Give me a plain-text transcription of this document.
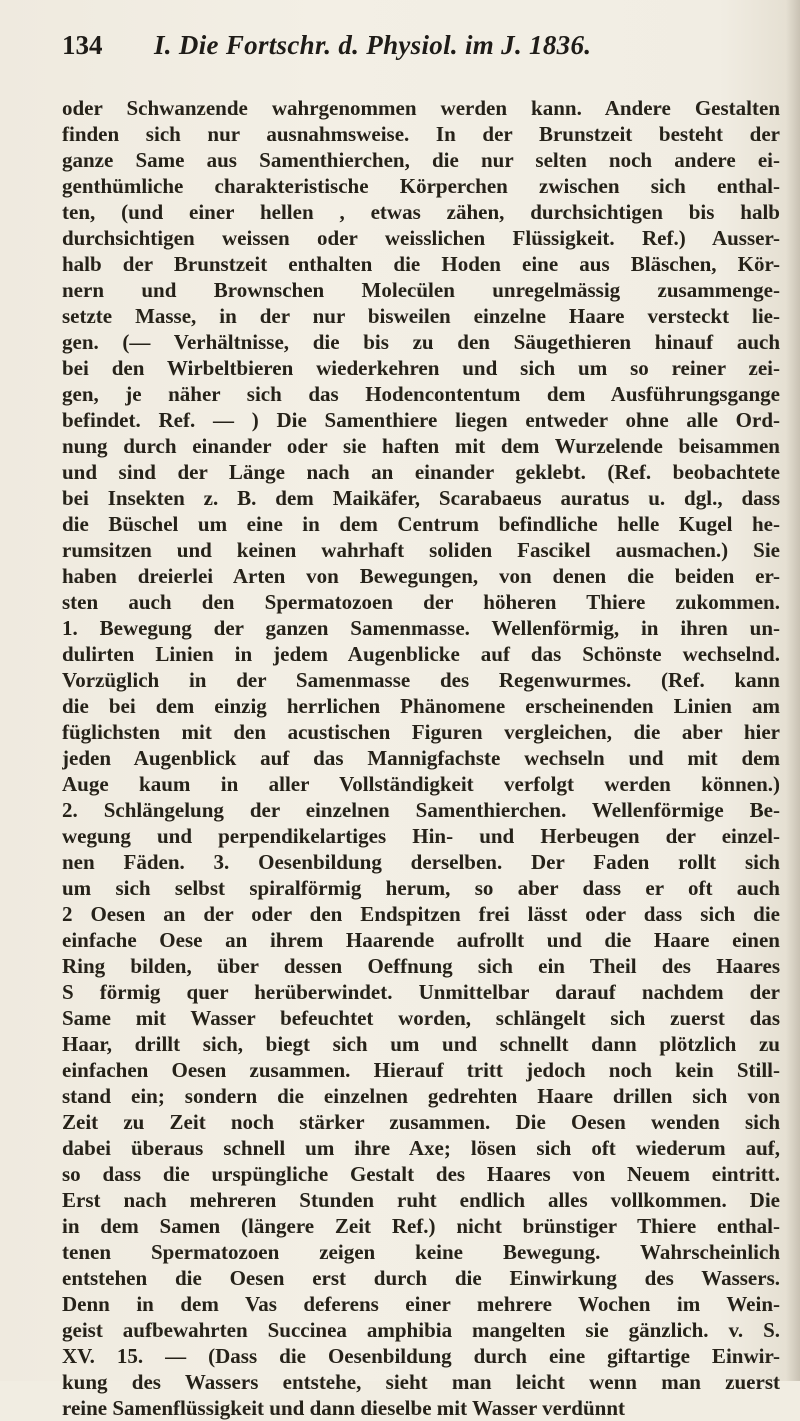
134 I. Die Fortschr. d. Physiol. im J. 1836.
oder Schwanzende wahrgenommen werden kann. Andere Gestalten
finden sich nur ausnahmsweise. In der Brunstzeit besteht der
ganze Same aus Samenthierchen, die nur selten noch andere ei-
genthümliche charakteristische Körperchen zwischen sich enthal-
ten, (und einer hellen , etwas zähen, durchsichtigen bis halb
durchsichtigen weissen oder weisslichen Flüssigkeit. Ref.) Ausser-
halb der Brunstzeit enthalten die Hoden eine aus Bläschen, Kör-
nern und Brownschen Molecülen unregelmässig zusammenge-
setzte Masse, in der nur bisweilen einzelne Haare versteckt lie-
gen. (— Verhältnisse, die bis zu den Säugethieren hinauf auch
bei den Wirbeltbieren wiederkehren und sich um so reiner zei-
gen, je näher sich das Hodencontentum dem Ausführungsgange
befindet. Ref. — ) Die Samenthiere liegen entweder ohne alle Ord-
nung durch einander oder sie haften mit dem Wurzelende beisammen
und sind der Länge nach an einander geklebt. (Ref. beobachtete
bei Insekten z. B. dem Maikäfer, Scarabaeus auratus u. dgl., dass
die Büschel um eine in dem Centrum befindliche helle Kugel he-
rumsitzen und keinen wahrhaft soliden Fascikel ausmachen.) Sie
haben dreierlei Arten von Bewegungen, von denen die beiden er-
sten auch den Spermatozoen der höheren Thiere zukommen.
1. Bewegung der ganzen Samenmasse. Wellenförmig, in ihren un-
dulirten Linien in jedem Augenblicke auf das Schönste wechselnd.
Vorzüglich in der Samenmasse des Regenwurmes. (Ref. kann
die bei dem einzig herrlichen Phänomene erscheinenden Linien am
füglichsten mit den acustischen Figuren vergleichen, die aber hier
jeden Augenblick auf das Mannigfachste wechseln und mit dem
Auge kaum in aller Vollständigkeit verfolgt werden können.)
2. Schlängelung der einzelnen Samenthierchen. Wellenförmige Be-
wegung und perpendikelartiges Hin- und Herbeugen der einzel-
nen Fäden. 3. Oesenbildung derselben. Der Faden rollt sich
um sich selbst spiralförmig herum, so aber dass er oft auch
2 Oesen an der oder den Endspitzen frei lässt oder dass sich die
einfache Oese an ihrem Haarende aufrollt und die Haare einen
Ring bilden, über dessen Oeffnung sich ein Theil des Haares
S förmig quer herüberwindet. Unmittelbar darauf nachdem der
Same mit Wasser befeuchtet worden, schlängelt sich zuerst das
Haar, drillt sich, biegt sich um und schnellt dann plötzlich zu
einfachen Oesen zusammen. Hierauf tritt jedoch noch kein Still-
stand ein; sondern die einzelnen gedrehten Haare drillen sich von
Zeit zu Zeit noch stärker zusammen. Die Oesen wenden sich
dabei überaus schnell um ihre Axe; lösen sich oft wiederum auf,
so dass die urspüngliche Gestalt des Haares von Neuem eintritt.
Erst nach mehreren Stunden ruht endlich alles vollkommen. Die
in dem Samen (längere Zeit Ref.) nicht brünstiger Thiere enthal-
tenen Spermatozoen zeigen keine Bewegung. Wahrscheinlich
entstehen die Oesen erst durch die Einwirkung des Wassers.
Denn in dem Vas deferens einer mehrere Wochen im Wein-
geist aufbewahrten Succinea amphibia mangelten sie gänzlich. v. S.
XV. 15. — (Dass die Oesenbildung durch eine giftartige Einwir-
kung des Wassers entstehe, sieht man leicht wenn man zuerst
reine Samenflüssigkeit und dann dieselbe mit Wasser verdünnt
